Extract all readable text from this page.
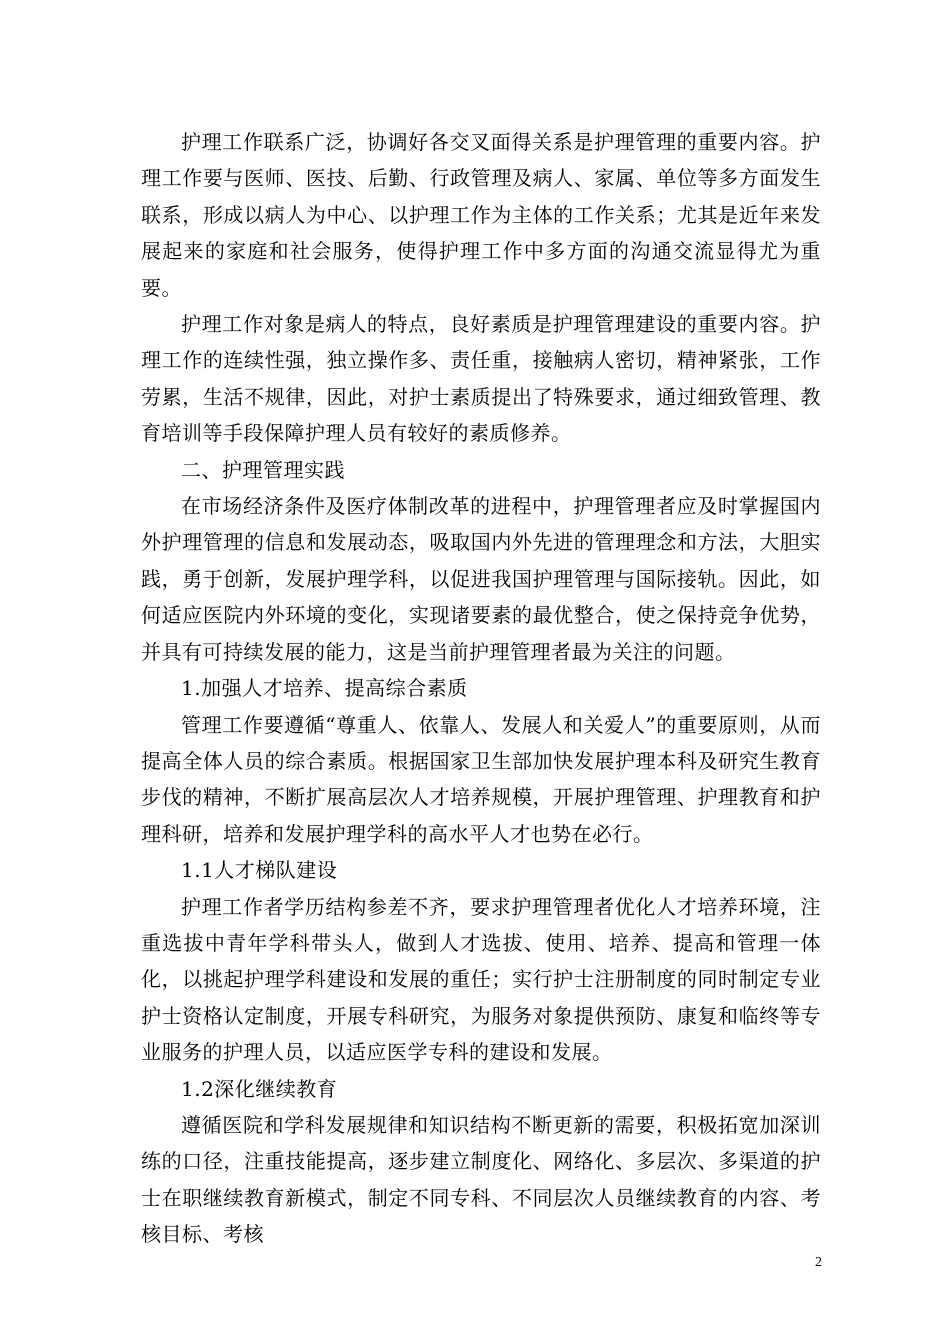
护理工作联系广泛，协调好各交叉面得关系是护理管理的重要内容。护理工作要与医师、医技、后勤、行政管理及病人、家属、单位等多方面发生联系，形成以病人为中心、以护理工作为主体的工作关系；尤其是近年来发展起来的家庭和社会服务，使得护理工作中多方面的沟通交流显得尤为重要。

护理工作对象是病人的特点，良好素质是护理管理建设的重要内容。护理工作的连续性强，独立操作多、责任重，接触病人密切，精神紧张，工作劳累，生活不规律，因此，对护士素质提出了特殊要求，通过细致管理、教育培训等手段保障护理人员有较好的素质修养。

二、护理管理实践

在市场经济条件及医疗体制改革的进程中，护理管理者应及时掌握国内外护理管理的信息和发展动态，吸取国内外先进的管理理念和方法，大胆实践，勇于创新，发展护理学科，以促进我国护理管理与国际接轨。因此，如何适应医院内外环境的变化，实现诸要素的最优整合，使之保持竞争优势，并具有可持续发展的能力，这是当前护理管理者最为关注的问题。

1.加强人才培养、提高综合素质

管理工作要遵循“尊重人、依靠人、发展人和关爱人”的重要原则，从而提高全体人员的综合素质。根据国家卫生部加快发展护理本科及研究生教育步伐的精神，不断扩展高层次人才培养规模，开展护理管理、护理教育和护理科研，培养和发展护理学科的高水平人才也势在必行。

1.1人才梯队建设

护理工作者学历结构参差不齐，要求护理管理者优化人才培养环境，注重选拔中青年学科带头人，做到人才选拔、使用、培养、提高和管理一体化，以挑起护理学科建设和发展的重任；实行护士注册制度的同时制定专业护士资格认定制度，开展专科研究，为服务对象提供预防、康复和临终等专业服务的护理人员，以适应医学专科的建设和发展。

1.2深化继续教育

遵循医院和学科发展规律和知识结构不断更新的需要，积极拓宽加深训练的口径，注重技能提高，逐步建立制度化、网络化、多层次、多渠道的护士在职继续教育新模式，制定不同专科、不同层次人员继续教育的内容、考核目标、考核

2
